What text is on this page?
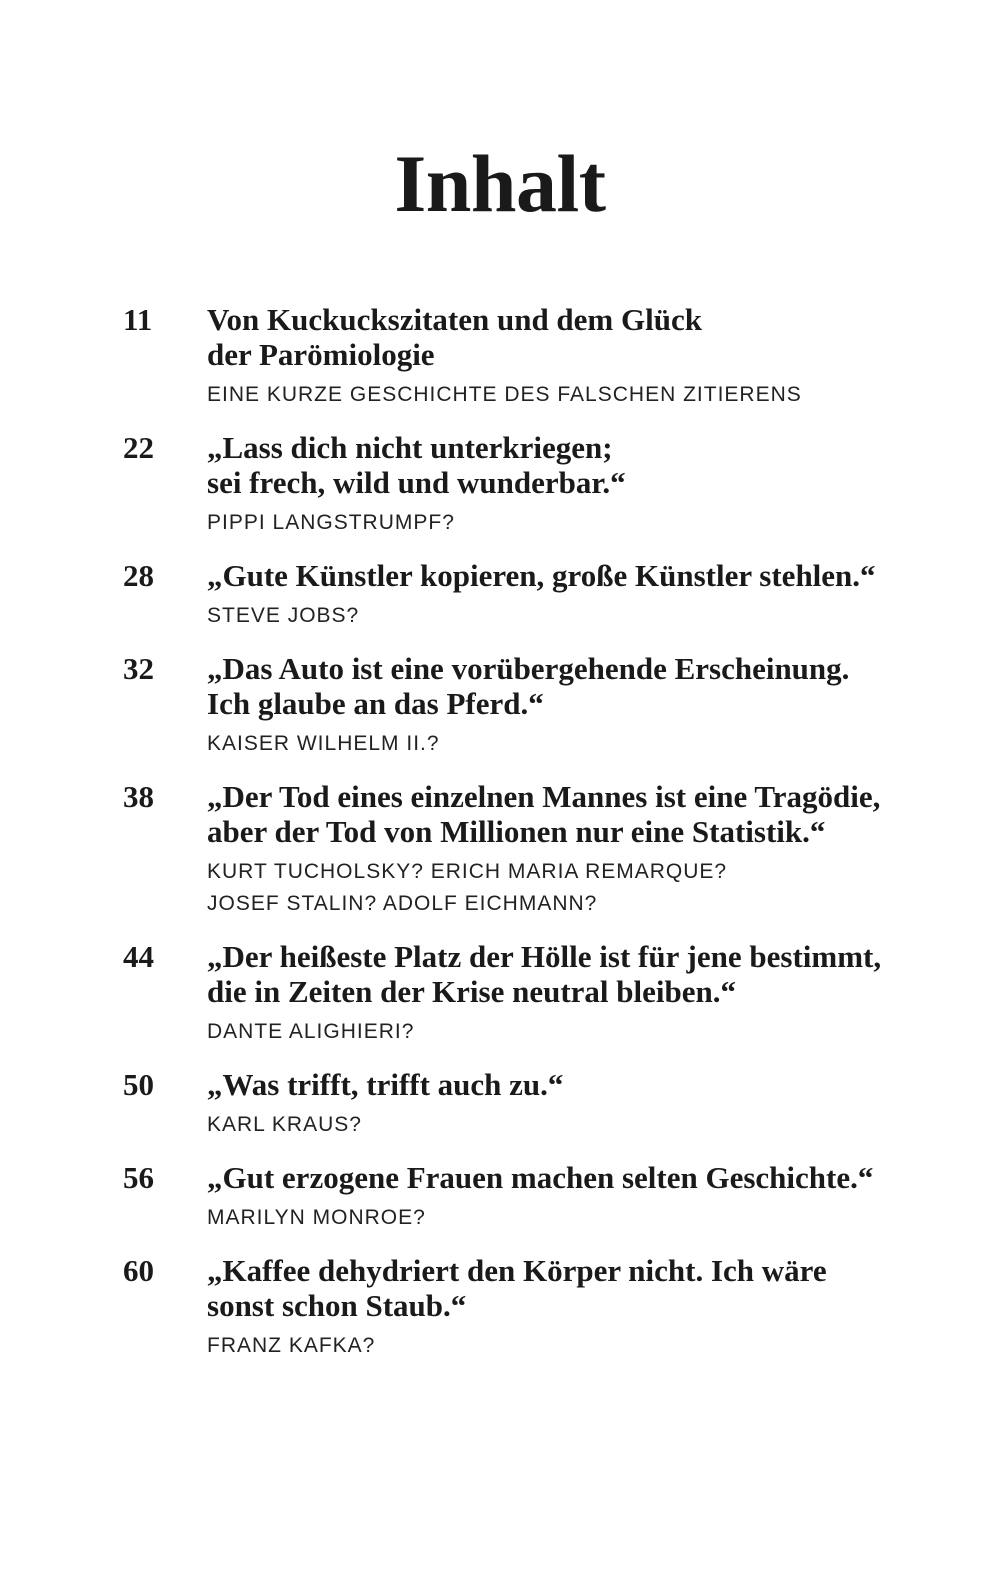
Inhalt
11 Von Kuckuckszitaten und dem Glück
der Parömiologie
EINE KURZE GESCHICHTE DES FALSCHEN ZITIERENS
22 „Lass dich nicht unterkriegen;
sei frech, wild und wunderbar.“
PIPPI LANGSTRUMPF?
28 „Gute Künstler kopieren, große Künstler stehlen.“
STEVE JOBS?
32 „Das Auto ist eine vorübergehende Erscheinung.
Ich glaube an das Pferd.“
KAISER WILHELM II.?
38 „Der Tod eines einzelnen Mannes ist eine Tragödie,
aber der Tod von Millionen nur eine Statistik.“
KURT TUCHOLSKY? ERICH MARIA REMARQUE?
JOSEF STALIN? ADOLF EICHMANN?
44 „Der heißeste Platz der Hölle ist für jene bestimmt,
die in Zeiten der Krise neutral bleiben.“
DANTE ALIGHIERI?
50 „Was trifft, trifft auch zu.“
KARL KRAUS?
56 „Gut erzogene Frauen machen selten Geschichte.“
MARILYN MONROE?
60 „Kaffee dehydriert den Körper nicht. Ich wäre
sonst schon Staub.“
FRANZ KAFKA?
